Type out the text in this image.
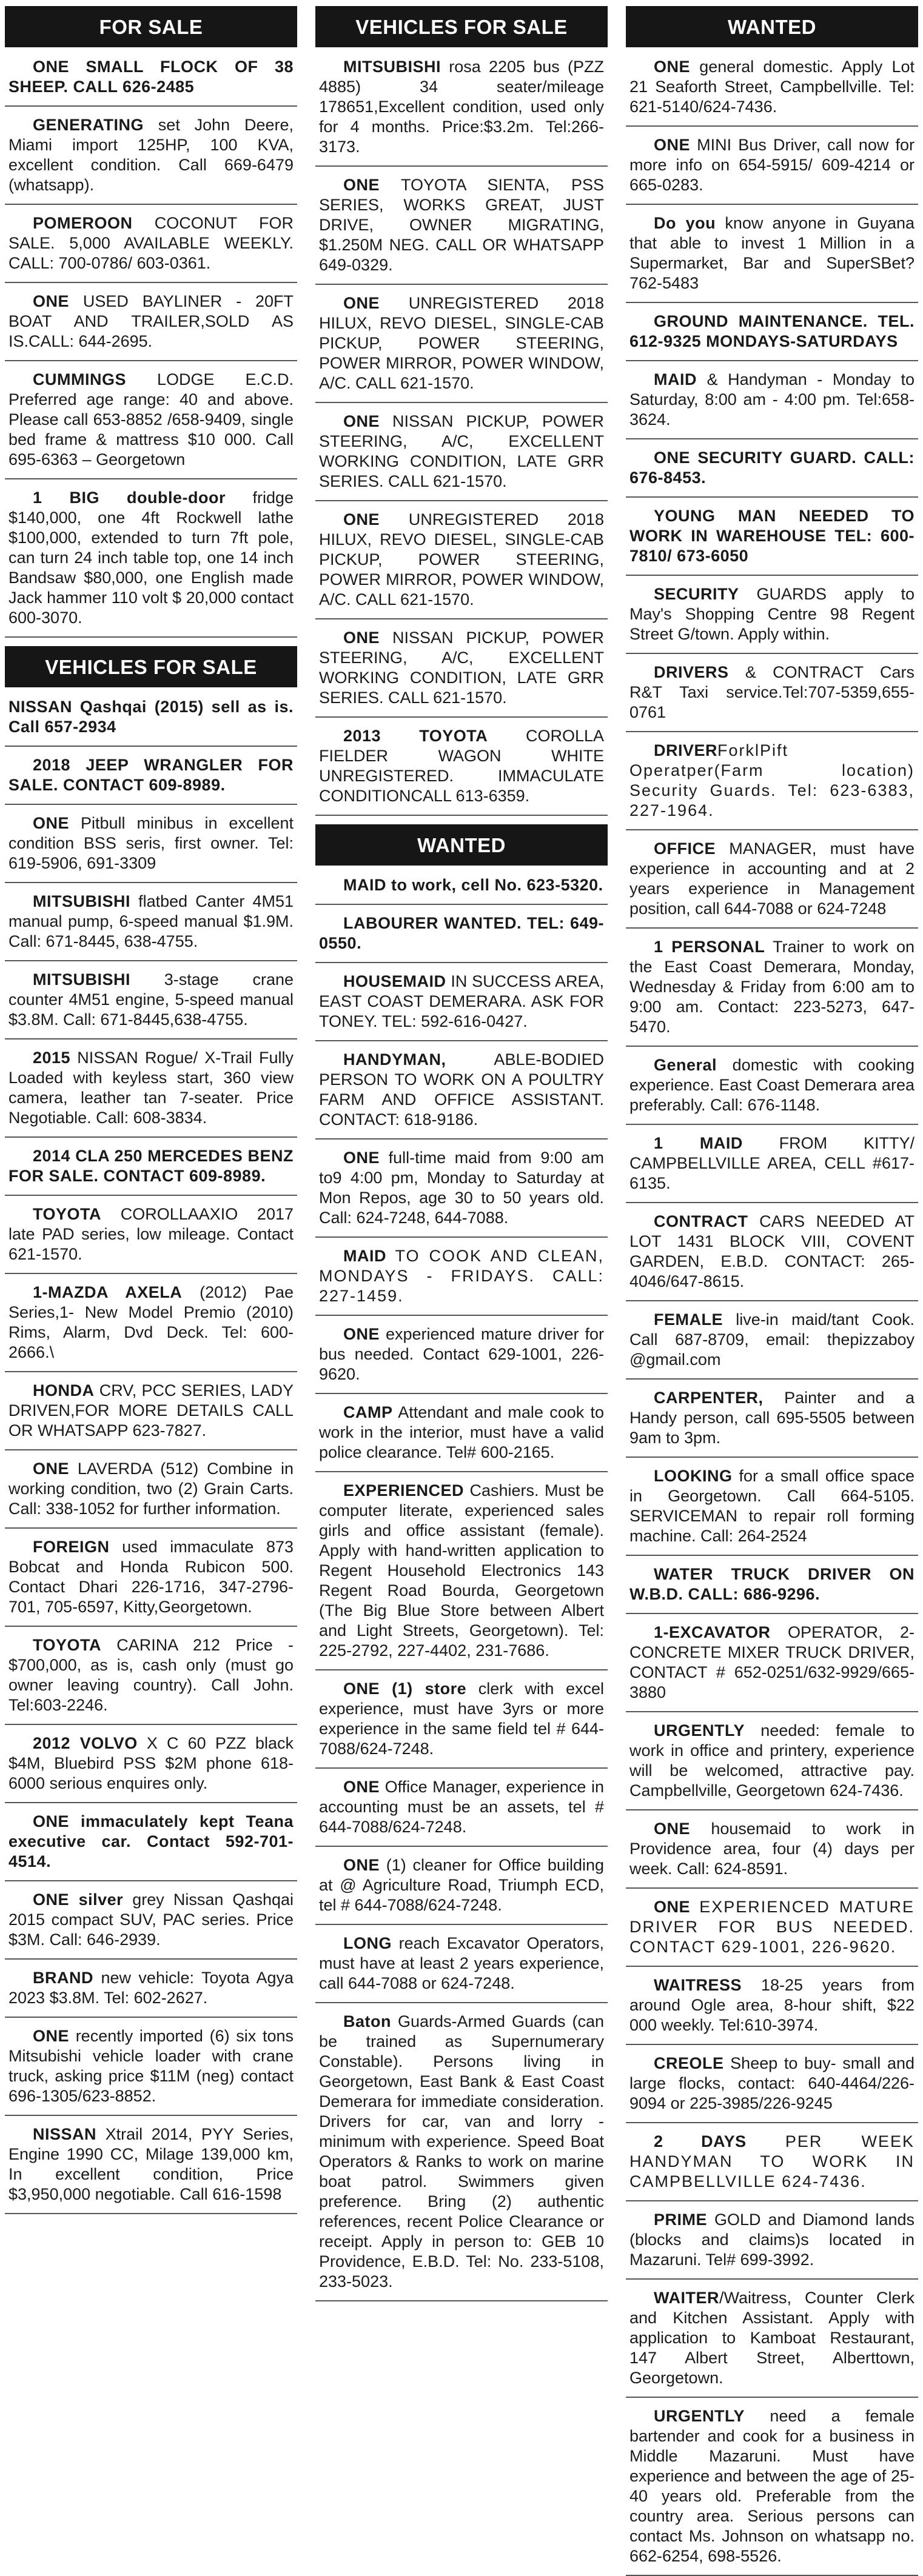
FOR SALE
ONE SMALL FLOCK OF 38 SHEEP. CALL 626-2485
GENERATING set John Deere, Miami import 125HP, 100 KVA, excellent condition. Call 669-6479 (whatsapp).
POMEROON COCONUT FOR SALE. 5,000 AVAILABLE WEEKLY. CALL: 700-0786/ 603-0361.
ONE USED BAYLINER - 20FT BOAT AND TRAILER,SOLD AS IS.CALL: 644-2695.
CUMMINGS LODGE E.C.D. Preferred age range: 40 and above. Please call 653-8852 /658-9409, single bed frame & mattress $10 000. Call 695-6363 – Georgetown
1 BIG double-door fridge $140,000, one 4ft Rockwell lathe $100,000, extended to turn 7ft pole, can turn 24 inch table top, one 14 inch Bandsaw $80,000, one English made Jack hammer 110 volt $ 20,000 contact 600-3070.
VEHICLES FOR SALE
NISSAN Qashqai (2015) sell as is. Call 657-2934
2018 JEEP WRANGLER FOR SALE. CONTACT 609-8989.
ONE Pitbull minibus in excellent condition BSS seris, first owner. Tel: 619-5906, 691-3309
MITSUBISHI flatbed Canter 4M51 manual pump, 6-speed manual $1.9M. Call: 671-8445, 638-4755.
MITSUBISHI 3-stage crane counter 4M51 engine, 5-speed manual $3.8M. Call: 671-8445,638-4755.
2015 NISSAN Rogue/ X-Trail Fully Loaded with keyless start, 360 view camera, leather tan 7-seater. Price Negotiable. Call: 608-3834.
2014 CLA 250 MERCEDES BENZ FOR SALE. CONTACT 609-8989.
TOYOTA COROLLAAXIO 2017 late PAD series, low mileage. Contact 621-1570.
1-MAZDA AXELA (2012) Pae Series,1- New Model Premio (2010) Rims, Alarm, Dvd Deck. Tel: 600-2666.\
HONDA CRV, PCC SERIES, LADY DRIVEN,FOR MORE DETAILS CALL OR WHATSAPP 623-7827.
ONE LAVERDA (512) Combine in working condition, two (2) Grain Carts. Call: 338-1052 for further information.
FOREIGN used immaculate 873 Bobcat and Honda Rubicon 500. Contact Dhari 226-1716, 347-2796-701, 705-6597, Kitty,Georgetown.
TOYOTA CARINA 212 Price - $700,000, as is, cash only (must go owner leaving country). Call John. Tel:603-2246.
2012 VOLVO X C 60 PZZ black $4M, Bluebird PSS $2M phone 618-6000 serious enquires only.
ONE immaculately kept Teana executive car. Contact 592-701-4514.
ONE silver grey Nissan Qashqai 2015 compact SUV, PAC series. Price $3M. Call: 646-2939.
BRAND new vehicle: Toyota Agya 2023 $3.8M. Tel: 602-2627.
ONE recently imported (6) six tons Mitsubishi vehicle loader with crane truck, asking price $11M (neg) contact 696-1305/623-8852.
NISSAN Xtrail 2014, PYY Series, Engine 1990 CC, Milage 139,000 km, In excellent condition, Price $3,950,000 negotiable. Call 616-1598
VEHICLES FOR SALE
MITSUBISHI rosa 2205 bus (PZZ 4885) 34 seater/mileage 178651,Excellent condition, used only for 4 months. Price:$3.2m. Tel:266-3173.
ONE TOYOTA SIENTA, PSS SERIES, WORKS GREAT, JUST DRIVE, OWNER MIGRATING, $1.250M NEG. CALL OR WHATSAPP 649-0329.
ONE UNREGISTERED 2018 HILUX, REVO DIESEL, SINGLE-CAB PICKUP, POWER STEERING, POWER MIRROR, POWER WINDOW, A/C. CALL 621-1570.
ONE NISSAN PICKUP, POWER STEERING, A/C, EXCELLENT WORKING CONDITION, LATE GRR SERIES. CALL 621-1570.
ONE UNREGISTERED 2018 HILUX, REVO DIESEL, SINGLE-CAB PICKUP, POWER STEERING, POWER MIRROR, POWER WINDOW, A/C. CALL 621-1570.
ONE NISSAN PICKUP, POWER STEERING, A/C, EXCELLENT WORKING CONDITION, LATE GRR SERIES. CALL 621-1570.
2013 TOYOTA COROLLA FIELDER WAGON WHITE UNREGISTERED. IMMACULATE CONDITIONCALL 613-6359.
WANTED
MAID to work, cell No. 623-5320.
LABOURER WANTED. TEL: 649-0550.
HOUSEMAID IN SUCCESS AREA, EAST COAST DEMERARA. ASK FOR TONEY. TEL: 592-616-0427.
HANDYMAN, ABLE-BODIED PERSON TO WORK ON A POULTRY FARM AND OFFICE ASSISTANT. CONTACT: 618-9186.
ONE full-time maid from 9:00 am to9 4:00 pm, Monday to Saturday at Mon Repos, age 30 to 50 years old. Call: 624-7248, 644-7088.
MAID TO COOK AND CLEAN, MONDAYS - FRIDAYS. CALL: 227-1459.
ONE experienced mature driver for bus needed. Contact 629-1001, 226-9620.
CAMP Attendant and male cook to work in the interior, must have a valid police clearance. Tel# 600-2165.
EXPERIENCED Cashiers. Must be computer literate, experienced sales girls and office assistant (female). Apply with hand-written application to Regent Household Electronics 143 Regent Road Bourda, Georgetown (The Big Blue Store between Albert and Light Streets, Georgetown). Tel: 225-2792, 227-4402, 231-7686.
ONE (1) store clerk with excel experience, must have 3yrs or more experience in the same field tel # 644-7088/624-7248.
ONE Office Manager, experience in accounting must be an assets, tel # 644-7088/624-7248.
ONE (1) cleaner for Office building at @ Agriculture Road, Triumph ECD, tel # 644-7088/624-7248.
LONG reach Excavator Operators, must have at least 2 years experience, call 644-7088 or 624-7248.
Baton Guards-Armed Guards (can be trained as Supernumerary Constable). Persons living in Georgetown, East Bank & East Coast Demerara for immediate consideration. Drivers for car, van and lorry - minimum with experience. Speed Boat Operators & Ranks to work on marine boat patrol. Swimmers given preference. Bring (2) authentic references, recent Police Clearance or receipt. Apply in person to: GEB 10 Providence, E.B.D. Tel: No. 233-5108, 233-5023.
WANTED
ONE general domestic. Apply Lot 21 Seaforth Street, Campbellville. Tel: 621-5140/624-7436.
ONE MINI Bus Driver, call now for more info on 654-5915/ 609-4214 or 665-0283.
Do you know anyone in Guyana that able to invest 1 Million in a Supermarket, Bar and SuperSBet? 762-5483
GROUND MAINTENANCE. TEL. 612-9325 MONDAYS-SATURDAYS
MAID & Handyman - Monday to Saturday, 8:00 am - 4:00 pm. Tel:658-3624.
ONE SECURITY GUARD. CALL: 676-8453.
YOUNG MAN NEEDED TO WORK IN WAREHOUSE TEL: 600-7810/ 673-6050
SECURITY GUARDS apply to May's Shopping Centre 98 Regent Street G/town. Apply within.
DRIVERS & CONTRACT Cars R&T Taxi service.Tel:707-5359,655-0761
DRIVERForklPift Operatper(Farm location) Security Guards. Tel: 623-6383, 227-1964.
OFFICE MANAGER, must have experience in accounting and at 2 years experience in Management position, call 644-7088 or 624-7248
1 PERSONAL Trainer to work on the East Coast Demerara, Monday, Wednesday & Friday from 6:00 am to 9:00 am. Contact: 223-5273, 647-5470.
General domestic with cooking experience. East Coast Demerara area preferably. Call: 676-1148.
1 MAID FROM KITTY/ CAMPBELLVILLE AREA, CELL #617-6135.
CONTRACT CARS NEEDED AT LOT 1431 BLOCK VIII, COVENT GARDEN, E.B.D. CONTACT: 265-4046/647-8615.
FEMALE live-in maid/tant Cook. Call 687-8709, email: thepizzaboy @gmail.com
CARPENTER, Painter and a Handy person, call 695-5505 between 9am to 3pm.
LOOKING for a small office space in Georgetown. Call 664-5105. SERVICEMAN to repair roll forming machine. Call: 264-2524
WATER TRUCK DRIVER ON W.B.D. CALL: 686-9296.
1-EXCAVATOR OPERATOR, 2- CONCRETE MIXER TRUCK DRIVER, CONTACT # 652-0251/632-9929/665-3880
URGENTLY needed: female to work in office and printery, experience will be welcomed, attractive pay. Campbellville, Georgetown 624-7436.
ONE housemaid to work in Providence area, four (4) days per week. Call: 624-8591.
ONE EXPERIENCED MATURE DRIVER FOR BUS NEEDED. CONTACT 629-1001, 226-9620.
WAITRESS 18-25 years from around Ogle area, 8-hour shift, $22 000 weekly. Tel:610-3974.
CREOLE Sheep to buy- small and large flocks, contact: 640-4464/226-9094 or 225-3985/226-9245
2 DAYS PER WEEK HANDYMAN TO WORK IN CAMPBELLVILLE 624-7436.
PRIME GOLD and Diamond lands (blocks and claims)s located in Mazaruni. Tel# 699-3992.
WAITER/Waitress, Counter Clerk and Kitchen Assistant. Apply with application to Kamboat Restaurant, 147 Albert Street, Alberttown, Georgetown.
URGENTLY need a female bartender and cook for a business in Middle Mazaruni. Must have experience and between the age of 25-40 years old. Preferable from the country area. Serious persons can contact Ms. Johnson on whatsapp no. 662-6254, 698-5526.
